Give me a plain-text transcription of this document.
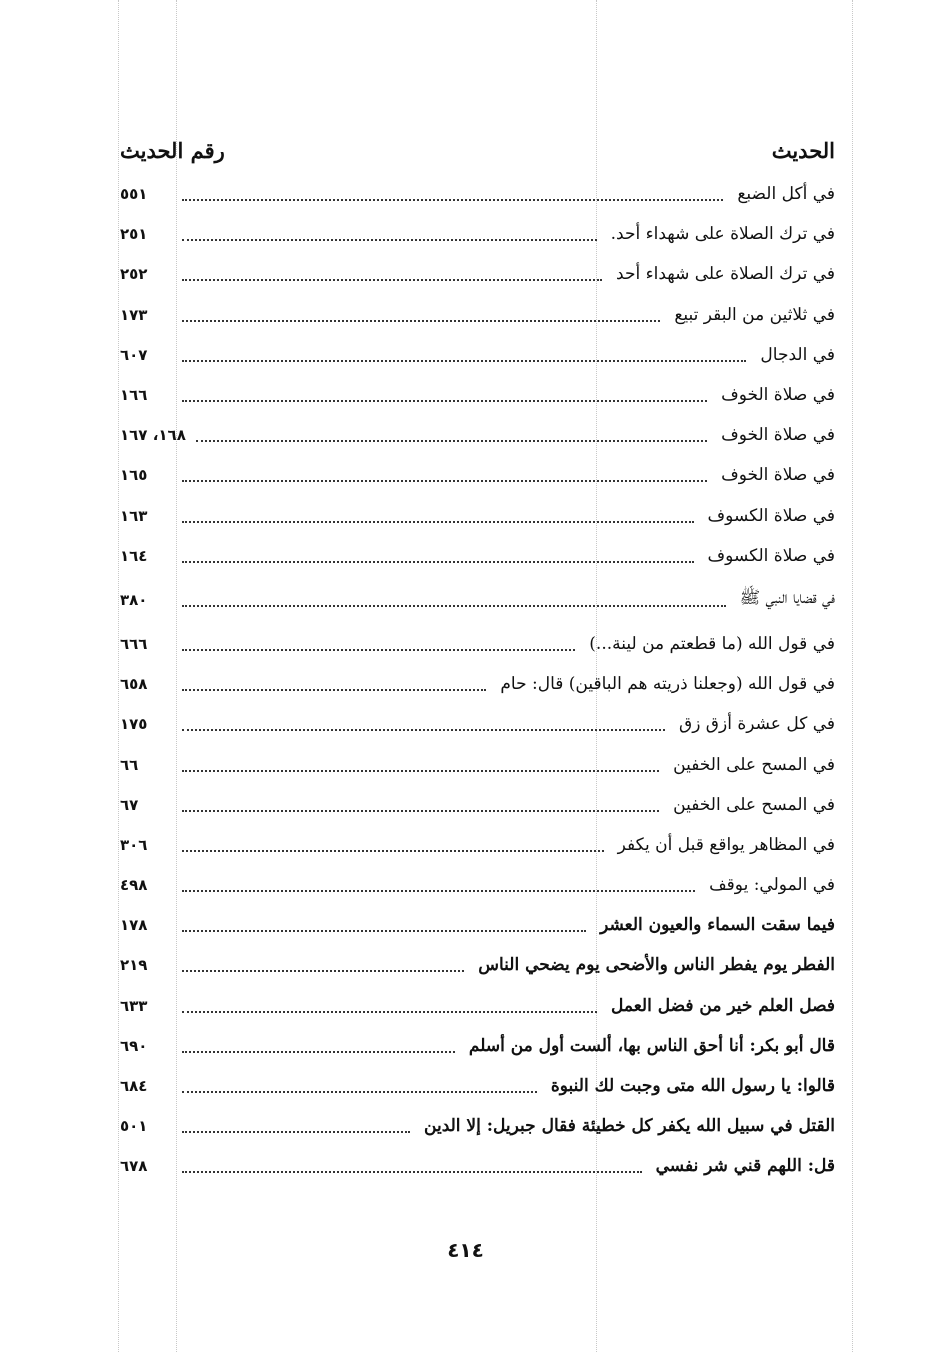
الحديث
رقم الحديث
في أكل الضبع
٥٥١
في ترك الصلاة على شهداء أحد.
٢٥١
في ترك الصلاة على شهداء أحد
٢٥٢
في ثلاثين من البقر تبيع
١٧٣
في الدجال
٦٠٧
في صلاة الخوف
١٦٦
في صلاة الخوف
١٦٨، ١٦٧
في صلاة الخوف
١٦٥
في صلاة الكسوف
١٦٣
في صلاة الكسوف
١٦٤
في قضايا النبي ﷺ
٣٨٠
في قول الله (ما قطعتم من لينة...)
٦٦٦
في قول الله (وجعلنا ذريته هم الباقين) قال: حام
٦٥٨
في كل عشرة أزق زق
١٧٥
في المسح على الخفين
٦٦
في المسح على الخفين
٦٧
في المظاهر يواقع قبل أن يكفر
٣٠٦
في المولي: يوقف
٤٩٨
فيما سقت السماء والعيون العشر
١٧٨
الفطر يوم يفطر الناس والأضحى يوم يضحي الناس
٢١٩
فصل العلم خير من فضل العمل
٦٣٣
قال أبو بكر: أنا أحق الناس بها، ألست أول من أسلم
٦٩٠
قالوا: يا رسول الله متى وجبت لك النبوة
٦٨٤
القتل في سبيل الله يكفر كل خطيئة فقال جبريل: إلا الدين
٥٠١
قل: اللهم قني شر نفسي
٦٧٨
٤١٤
